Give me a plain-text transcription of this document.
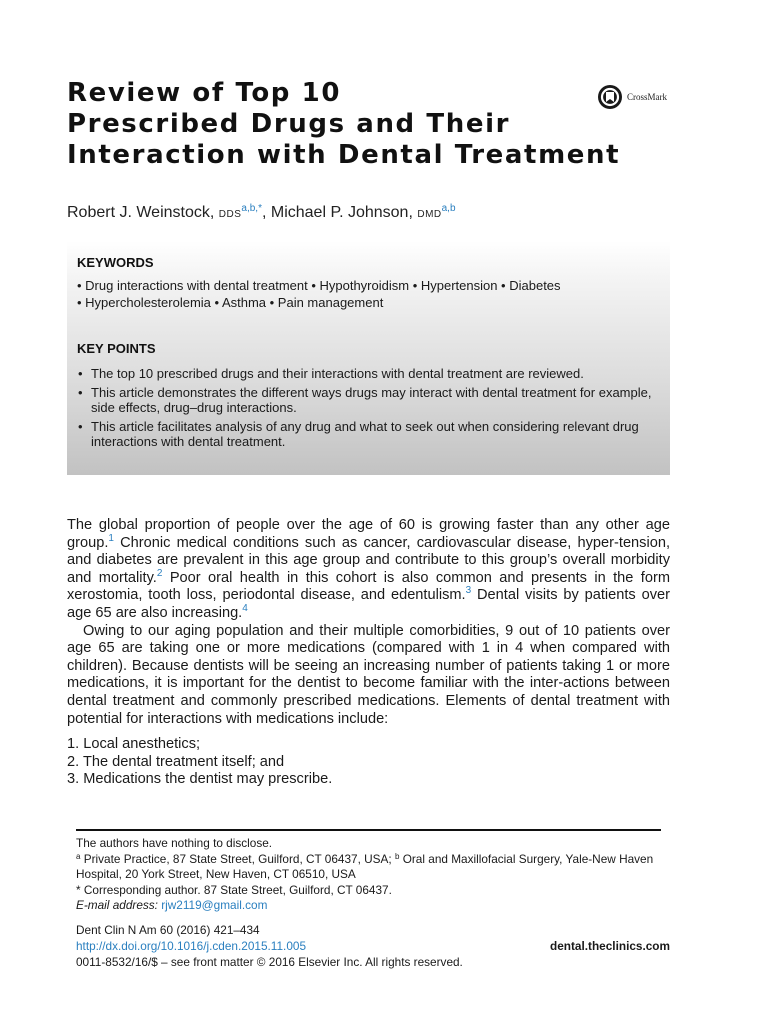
Review of Top 10
Prescribed Drugs and Their
Interaction with Dental Treatment
CrossMark

Robert J. Weinstock, $DDS^{a,b,*}$, Michael P. Johnson, DMD$^{a,b}$

KEYWORDS

• Drug interactions with dental treatment • Hypothyroidism • Hypertension • Diabetes

• Hypercholesterolemia • Asthma • Pain management

KEY POINTS
• The top 10 prescribed drugs and their interactions with dental treatment are reviewed.
• This article demonstrates the different ways drugs may interact with dental treatment for example, side effects, drug–drug interactions.
• This article facilitates analysis of any drug and what to seek out when considering relevant drug interactions with dental treatment.

The global proportion of people over the age of 60 is growing faster than any other age group.$^1$ Chronic medical conditions such as cancer, cardiovascular disease, hyper-tension, and diabetes are prevalent in this age group and contribute to this group’s overall morbidity and mortality.$^2$ Poor oral health in this cohort is also common and presents in the form xerostomia, tooth loss, periodontal disease, and edentulism.$^3$ Dental visits by patients over age 65 are also increasing.$^4$

Owing to our aging population and their multiple comorbidities, 9 out of 10 patients over age 65 are taking one or more medications (compared with 1 in 4 when compared with children). Because dentists will be seeing an increasing number of patients taking 1 or more medications, it is important for the dentist to become familiar with the inter-actions between dental treatment and commonly prescribed medications. Elements of dental treatment with potential for interactions with medications include:

1. Local anesthetics;
2. The dental treatment itself; and
3. Medications the dentist may prescribe.

The authors have nothing to disclose.

$^a$ Private Practice, 87 State Street, Guilford, CT 06437, USA; $^b$ Oral and Maxillofacial Surgery, Yale-New Haven Hospital, 20 York Street, New Haven, CT 06510, USA

* Corresponding author. 87 State Street, Guilford, CT 06437.

E-mail address: rjw2119@gmail.com

Dent Clin N Am 60 (2016) 421–434

http://dx.doi.org/10.1016/j.cden.2015.11.005

0011-8532/16/$ – see front matter © 2016 Elsevier Inc. All rights reserved.

dental.theclinics.com
